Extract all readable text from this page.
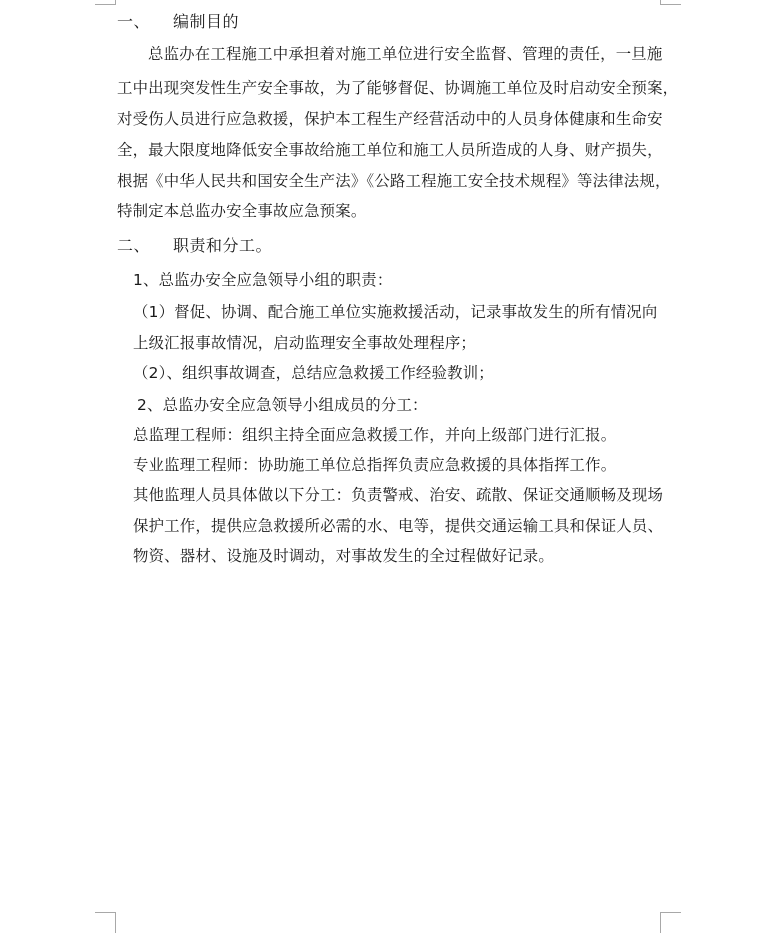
一、 编制目的
总监办在工程施工中承担着对施工单位进行安全监督、管理的责任，一旦施
工中出现突发性生产安全事故，为了能够督促、协调施工单位及时启动安全预案，
对受伤人员进行应急救援，保护本工程生产经营活动中的人员身体健康和生命安
全，最大限度地降低安全事故给施工单位和施工人员所造成的人身、财产损失，
根据《中华人民共和国安全生产法》《公路工程施工安全技术规程》等法律法规，
特制定本总监办安全事故应急预案。
二、 职责和分工。
1、总监办安全应急领导小组的职责：
（1）督促、协调、配合施工单位实施救援活动，记录事故发生的所有情况向
上级汇报事故情况，启动监理安全事故处理程序；
（2）、组织事故调查，总结应急救援工作经验教训；
2、总监办安全应急领导小组成员的分工：
总监理工程师：组织主持全面应急救援工作，并向上级部门进行汇报。
专业监理工程师：协助施工单位总指挥负责应急救援的具体指挥工作。
其他监理人员具体做以下分工：负责警戒、治安、疏散、保证交通顺畅及现场
保护工作，提供应急救援所必需的水、电等，提供交通运输工具和保证人员、
物资、器材、设施及时调动，对事故发生的全过程做好记录。
